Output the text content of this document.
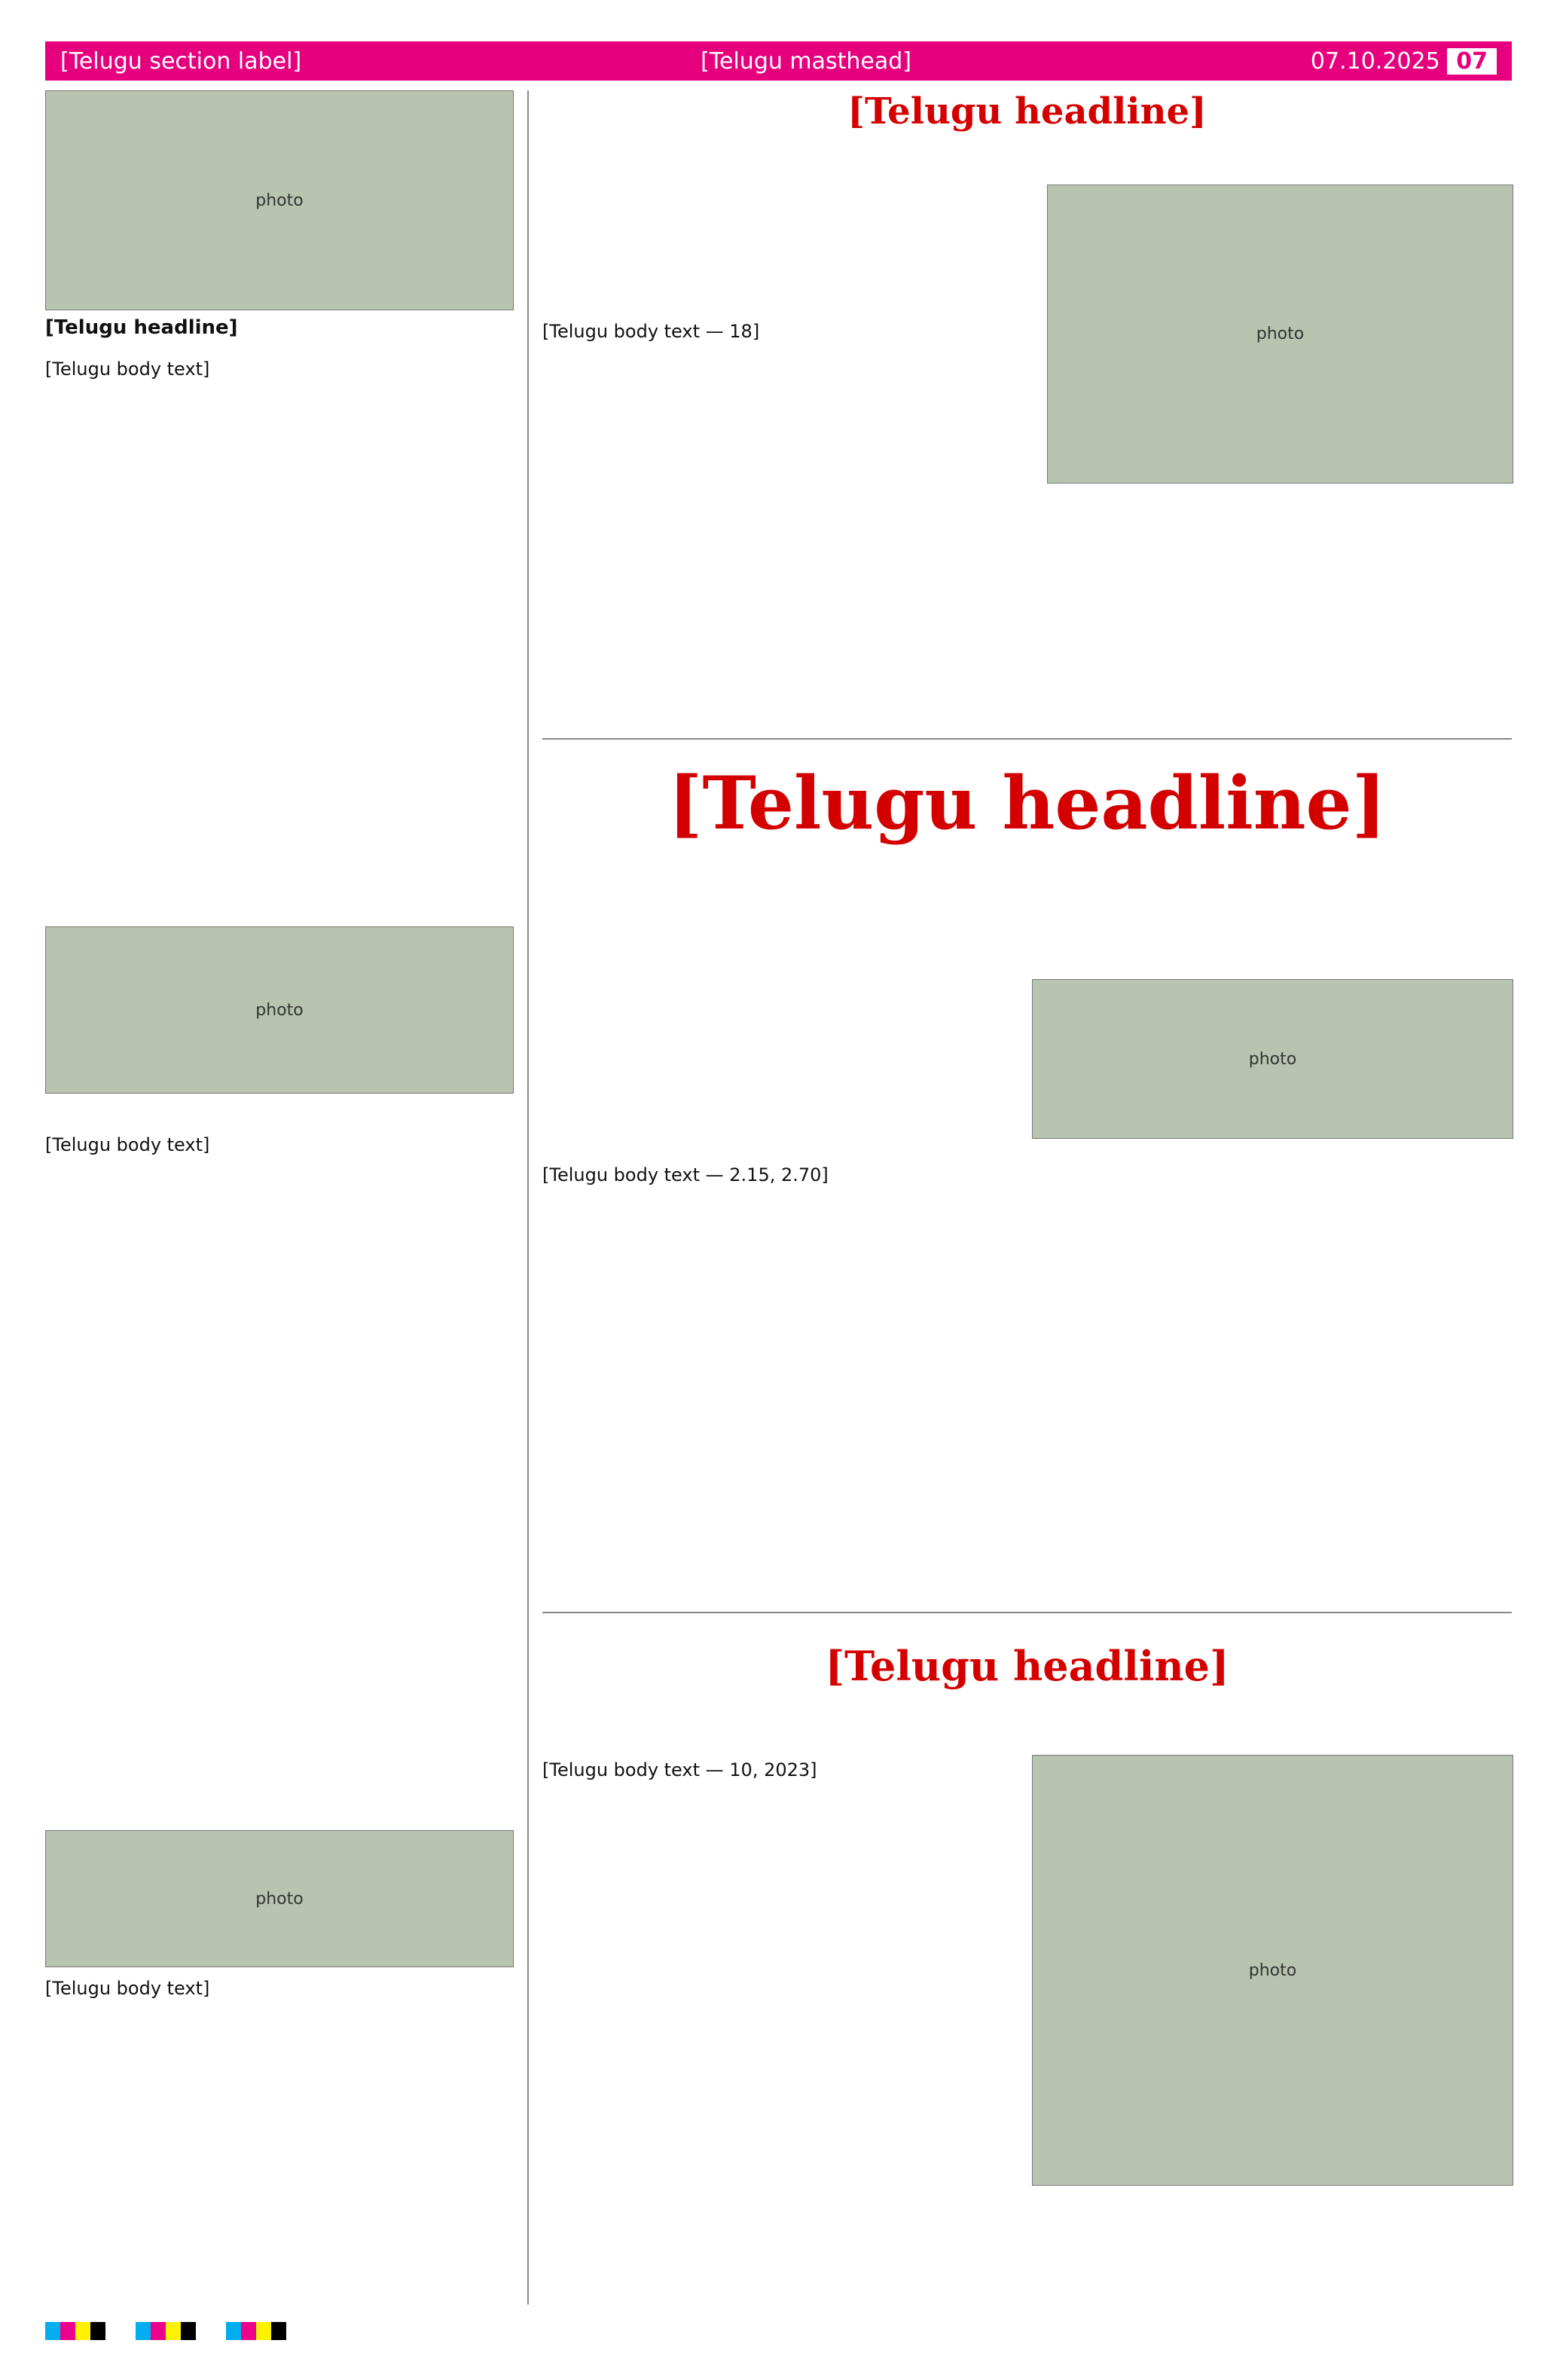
[Telugu section label]	[Telugu masthead]	07.10.2025 07
photo
[Telugu headline]
[Telugu body text]
photo
[Telugu body text]
photo
[Telugu body text]
[Telugu headline]
photo
[Telugu body text — 18]
[Telugu headline]
photo
[Telugu body text — 2.15, 2.70]
[Telugu headline]
photo
[Telugu body text — 10, 2023]
